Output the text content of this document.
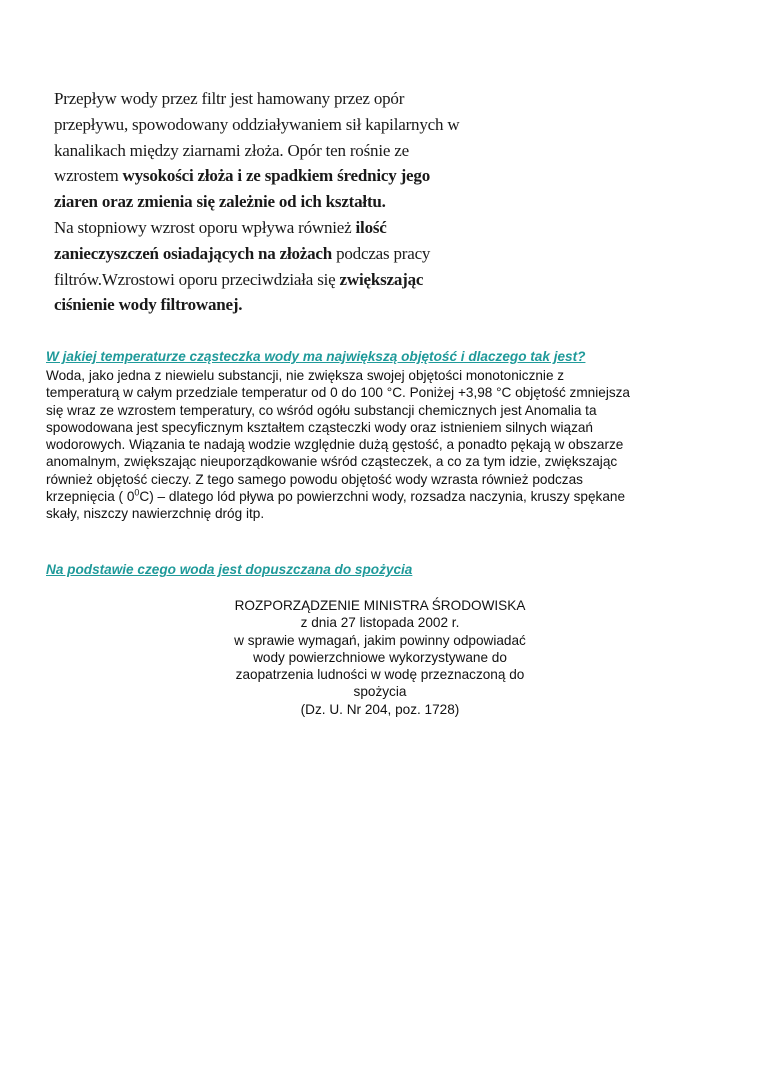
Przepływ wody przez filtr jest hamowany przez opór
przepływu, spowodowany oddziaływaniem sił kapilarnych w
kanalikach między ziarnami złoża. Opór ten rośnie ze
wzrostem wysokości złoża i ze spadkiem średnicy jego
ziaren oraz zmienia się zależnie od ich kształtu.
Na stopniowy wzrost oporu wpływa również ilość
zanieczyszczeń osiadających na złożach podczas pracy
filtrów.Wzrostowi oporu przeciwdziała się zwiększając
ciśnienie wody filtrowanej.
W jakiej temperaturze cząsteczka wody ma największą objętość i dlaczego tak jest?
Woda, jako jedna z niewielu substancji, nie zwiększa swojej objętości monotonicznie z
temperaturą w całym przedziale temperatur od 0 do 100 °C. Poniżej +3,98 °C objętość zmniejsza
się wraz ze wzrostem temperatury, co wśród ogółu substancji chemicznych jest Anomalia ta
spowodowana jest specyficznym kształtem cząsteczki wody oraz istnieniem silnych wiązań
wodorowych. Wiązania te nadają wodzie względnie dużą gęstość, a ponadto pękają w obszarze
anomalnym, zwiększając nieuporządkowanie wśród cząsteczek, a co za tym idzie, zwiększając
również objętość cieczy. Z tego samego powodu objętość wody wzrasta również podczas
krzepnięcia ( $0^0C$) – dlatego lód pływa po powierzchni wody, rozsadza naczynia, kruszy spękane
skały, niszczy nawierzchnię dróg itp.
Na podstawie czego woda jest dopuszczana do spożycia
ROZPORZĄDZENIE MINISTRA ŚRODOWISKA
z dnia 27 listopada 2002 r.
w sprawie wymagań, jakim powinny odpowiadać
wody powierzchniowe wykorzystywane do
zaopatrzenia ludności w wodę przeznaczoną do
spożycia
(Dz. U. Nr 204, poz. 1728)
